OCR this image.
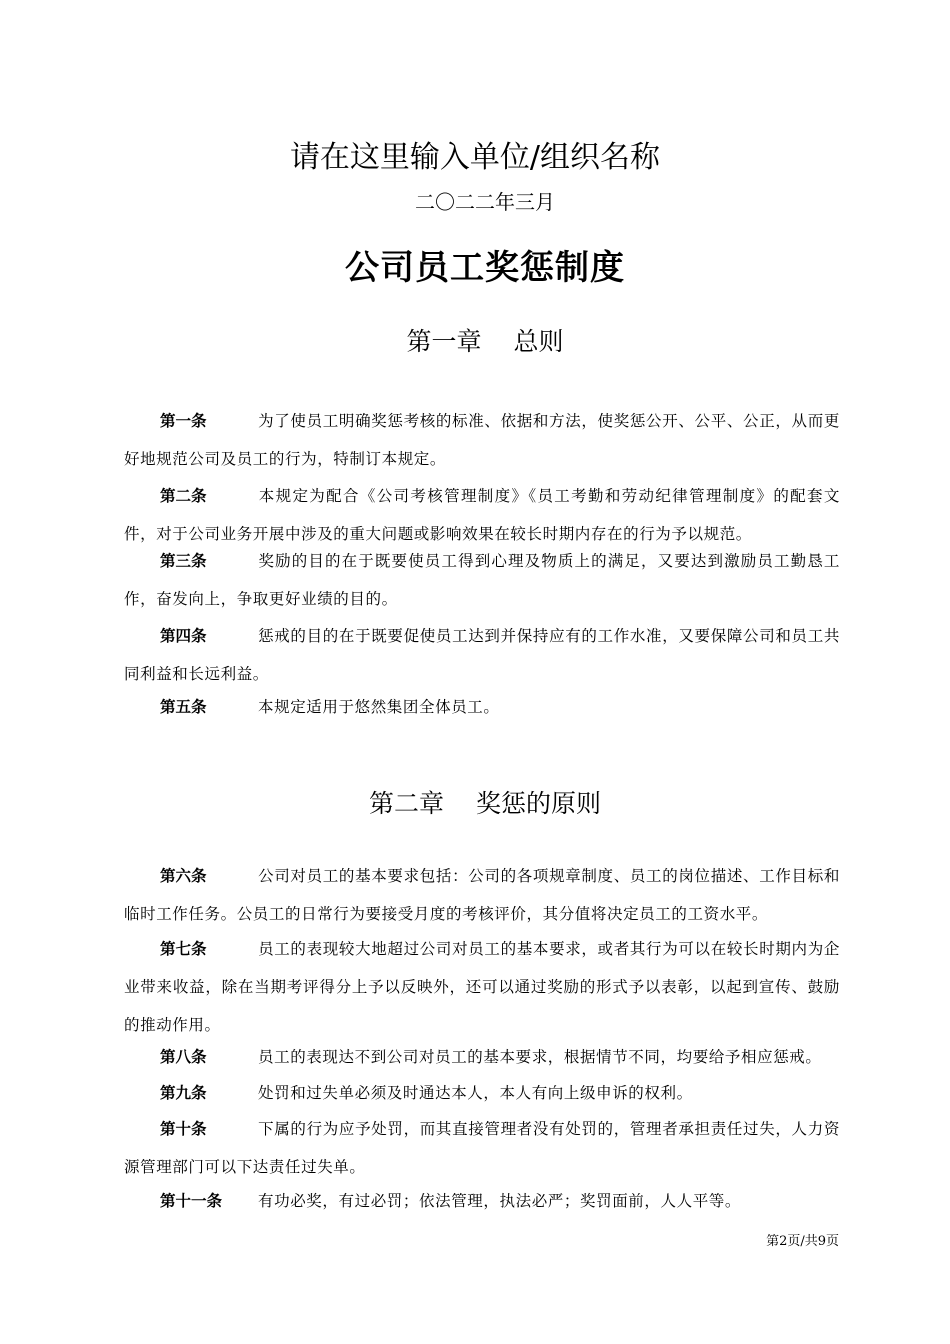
请在这里输入单位/组织名称
二〇二二年三月
公司员工奖惩制度
第一章 总则
第一条	为了使员工明确奖惩考核的标准、依据和方法，使奖惩公开、公平、公正，从而更好地规范公司及员工的行为，特制订本规定。
第二条	本规定为配合《公司考核管理制度》《员工考勤和劳动纪律管理制度》的配套文件，对于公司业务开展中涉及的重大问题或影响效果在较长时期内存在的行为予以规范。
第三条	奖励的目的在于既要使员工得到心理及物质上的满足，又要达到激励员工勤恳工作，奋发向上，争取更好业绩的目的。
第四条	惩戒的目的在于既要促使员工达到并保持应有的工作水准，又要保障公司和员工共同利益和长远利益。
第五条	本规定适用于悠然集团全体员工。
第二章 奖惩的原则
第六条	公司对员工的基本要求包括：公司的各项规章制度、员工的岗位描述、工作目标和临时工作任务。公员工的日常行为要接受月度的考核评价，其分值将决定员工的工资水平。
第七条	员工的表现较大地超过公司对员工的基本要求，或者其行为可以在较长时期内为企业带来收益，除在当期考评得分上予以反映外，还可以通过奖励的形式予以表彰，以起到宣传、鼓励的推动作用。
第八条	员工的表现达不到公司对员工的基本要求，根据情节不同，均要给予相应惩戒。
第九条	处罚和过失单必须及时通达本人，本人有向上级申诉的权利。
第十条	下属的行为应予处罚，而其直接管理者没有处罚的，管理者承担责任过失，人力资源管理部门可以下达责任过失单。
第十一条 有功必奖，有过必罚；依法管理，执法必严；奖罚面前，人人平等。
第2页/共9页
